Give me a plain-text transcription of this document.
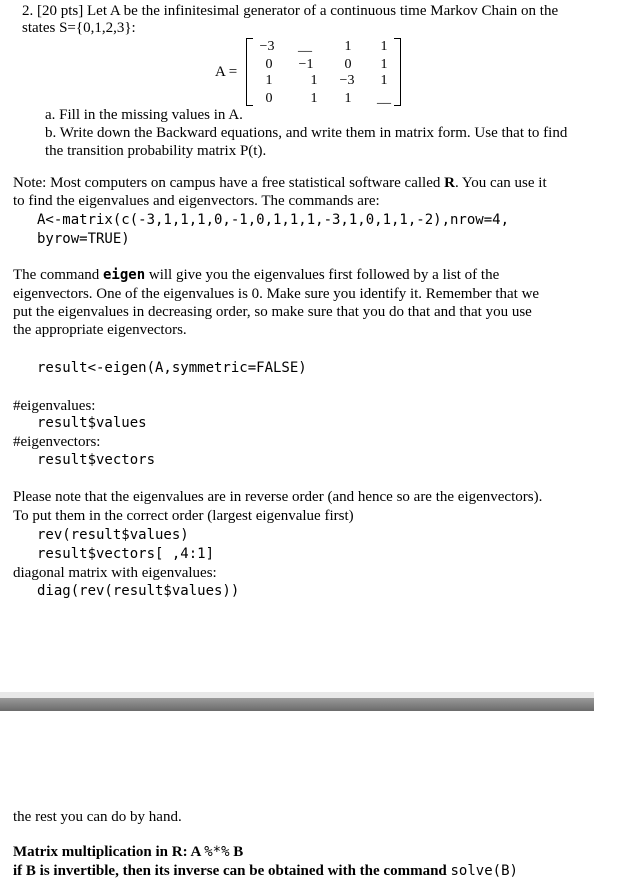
2. [20 pts] Let A be the infinitesimal generator of a continuous time Markov Chain on the
states S={0,1,2,3}:
A =
−3	__	1	1
0	−1	0	1
1	1	−3	1
0	1	1	__
a. Fill in the missing values in A.
b. Write down the Backward equations, and write them in matrix form. Use that to find
the transition probability matrix P(t).
Note: Most computers on campus have a free statistical software called R. You can use it
to find the eigenvalues and eigenvectors. The commands are:
A<-matrix(c(-3,1,1,1,0,-1,0,1,1,1,-3,1,0,1,1,-2),nrow=4,
byrow=TRUE)
The command eigen will give you the eigenvalues first followed by a list of the
eigenvectors. One of the eigenvalues is 0. Make sure you identify it. Remember that we
put the eigenvalues in decreasing order, so make sure that you do that and that you use
the appropriate eigenvectors.
result<-eigen(A,symmetric=FALSE)
#eigenvalues:
result$values
#eigenvectors:
result$vectors
Please note that the eigenvalues are in reverse order (and hence so are the eigenvectors).
To put them in the correct order (largest eigenvalue first)
rev(result$values)
result$vectors[ ,4:1]
diagonal matrix with eigenvalues:
diag(rev(result$values))
the rest you can do by hand.
Matrix multiplication in R: A %*% B
if B is invertible, then its inverse can be obtained with the command solve(B)
